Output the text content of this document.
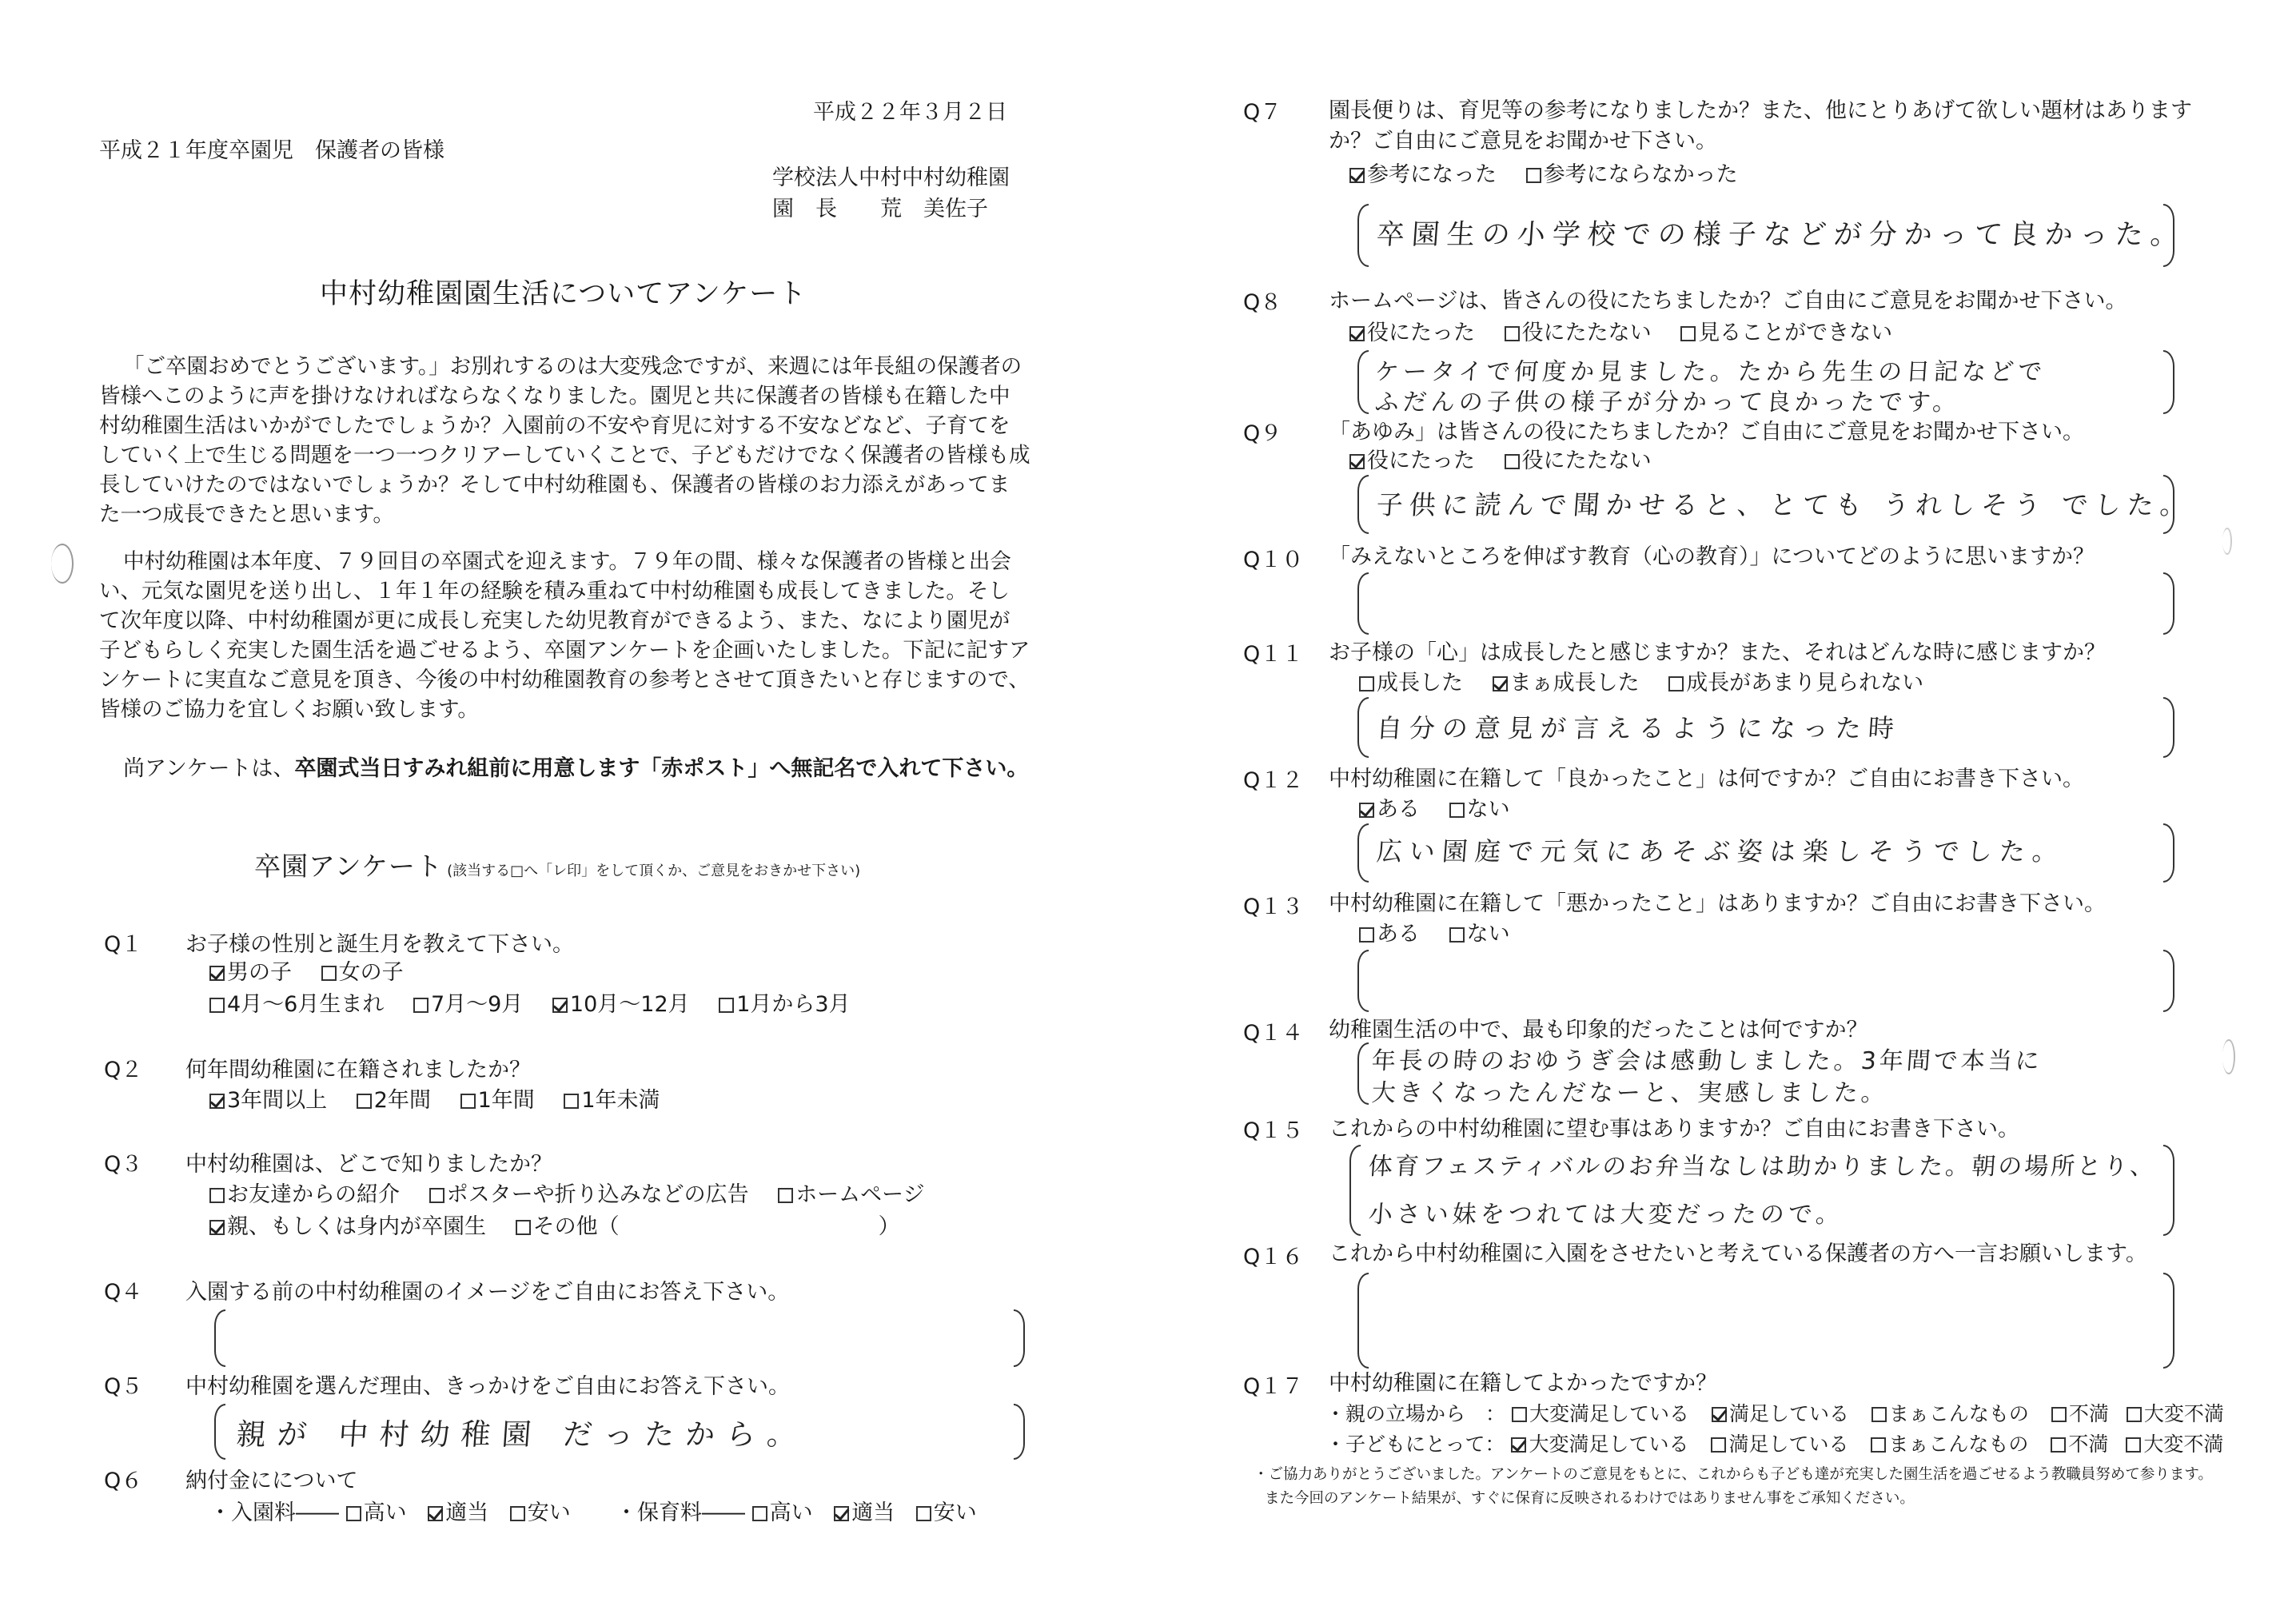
平成２２年３月２日
平成２１年度卒園児　保護者の皆様
学校法人中村中村幼稚園
園　長　　荒　美佐子
中村幼稚園園生活についてアンケート
「ご卒園おめでとうございます。」お別れするのは大変残念ですが、来週には年長組の保護者の皆様へこのように声を掛けなければならなくなりました。園児と共に保護者の皆様も在籍した中村幼稚園生活はいかがでしたでしょうか？入園前の不安や育児に対する不安などなど、子育てをしていく上で生じる問題を一つ一つクリアーしていくことで、子どもだけでなく保護者の皆様も成長していけたのではないでしょうか？そして中村幼稚園も、保護者の皆様のお力添えがあってまた一つ成長できたと思います。
中村幼稚園は本年度、７９回目の卒園式を迎えます。７９年の間、様々な保護者の皆様と出会い、元気な園児を送り出し、１年１年の経験を積み重ねて中村幼稚園も成長してきました。そして次年度以降、中村幼稚園が更に成長し充実した幼児教育ができるよう、また、なにより園児が子どもらしく充実した園生活を過ごせるよう、卒園アンケートを企画いたしました。下記に記すアンケートに実直なご意見を頂き、今後の中村幼稚園教育の参考とさせて頂きたいと存じますので、皆様のご協力を宜しくお願い致します。
尚アンケートは、卒園式当日すみれ組前に用意します「赤ポスト」へ無記名で入れて下さい。
卒園アンケート (該当する□へ「レ印」をして頂くか、ご意見をおきかせ下さい)
Q１ お子様の性別と誕生月を教えて下さい。
男の子 女の子
4月～6月生まれ 7月～9月 10月～12月 1月から3月
Q２ 何年間幼稚園に在籍されましたか？
3年間以上 2年間 1年間 1年未満
Q３ 中村幼稚園は、どこで知りましたか？
お友達からの紹介 ポスターや折り込みなどの広告 ホームページ
親、もしくは身内が卒園生 その他（　　　　　　　　　　　　）
Q４ 入園する前の中村幼稚園のイメージをご自由にお答え下さい。
Q５ 中村幼稚園を選んだ理由、きっかけをご自由にお答え下さい。
親が 中村幼稚園 だったから。
Q６ 納付金にについて
・入園料―― 高い 適当 安い	・保育料―― 高い 適当 安い
Q７ 園長便りは、育児等の参考になりましたか？また、他にとりあげて欲しい題材はありますか？ご自由にご意見をお聞かせ下さい。
参考になった 参考にならなかった
卒園生の小学校での様子などが分かって良かった。
Q８ ホームページは、皆さんの役にたちましたか？ご自由にご意見をお聞かせ下さい。
役にたった 役にたたない 見ることができない
ケータイで何度か見ました。たから先生の日記などで
ふだんの子供の様子が分かって良かったです。
Q９ 「あゆみ」は皆さんの役にたちましたか？ご自由にご意見をお聞かせ下さい。
役にたった 役にたたない
子供に読んで聞かせると、とても うれしそう でした。
Q１０ 「みえないところを伸ばす教育（心の教育）」についてどのように思いますか？
Q１１ お子様の「心」は成長したと感じますか？また、それはどんな時に感じますか？
成長した まぁ成長した 成長があまり見られない
自分の意見が言えるようになった時
Q１２ 中村幼稚園に在籍して「良かったこと」は何ですか？ご自由にお書き下さい。
ある ない
広い園庭で元気にあそぶ姿は楽しそうでした。
Q１３ 中村幼稚園に在籍して「悪かったこと」はありますか？ご自由にお書き下さい。
ある ない
Q１４ 幼稚園生活の中で、最も印象的だったことは何ですか？
年長の時のおゆうぎ会は感動しました。3年間で本当に
大きくなったんだなーと、実感しました。
Q１５ これからの中村幼稚園に望む事はありますか？ご自由にお書き下さい。
体育フェスティバルのお弁当なしは助かりました。朝の場所とり、
小さい妹をつれては大変だったので。
Q１６ これから中村幼稚園に入園をさせたいと考えている保護者の方へ一言お願いします。
Q１７ 中村幼稚園に在籍してよかったですか？
・親の立場から　： 大変満足している 満足している まぁこんなもの 不満 大変不満
・子どもにとって： 大変満足している 満足している まぁこんなもの 不満 大変不満
・ご協力ありがとうございました。アンケートのご意見をもとに、これからも子ども達が充実した園生活を過ごせるよう教職員努めて参ります。
また今回のアンケート結果が、すぐに保育に反映されるわけではありません事をご承知ください。
